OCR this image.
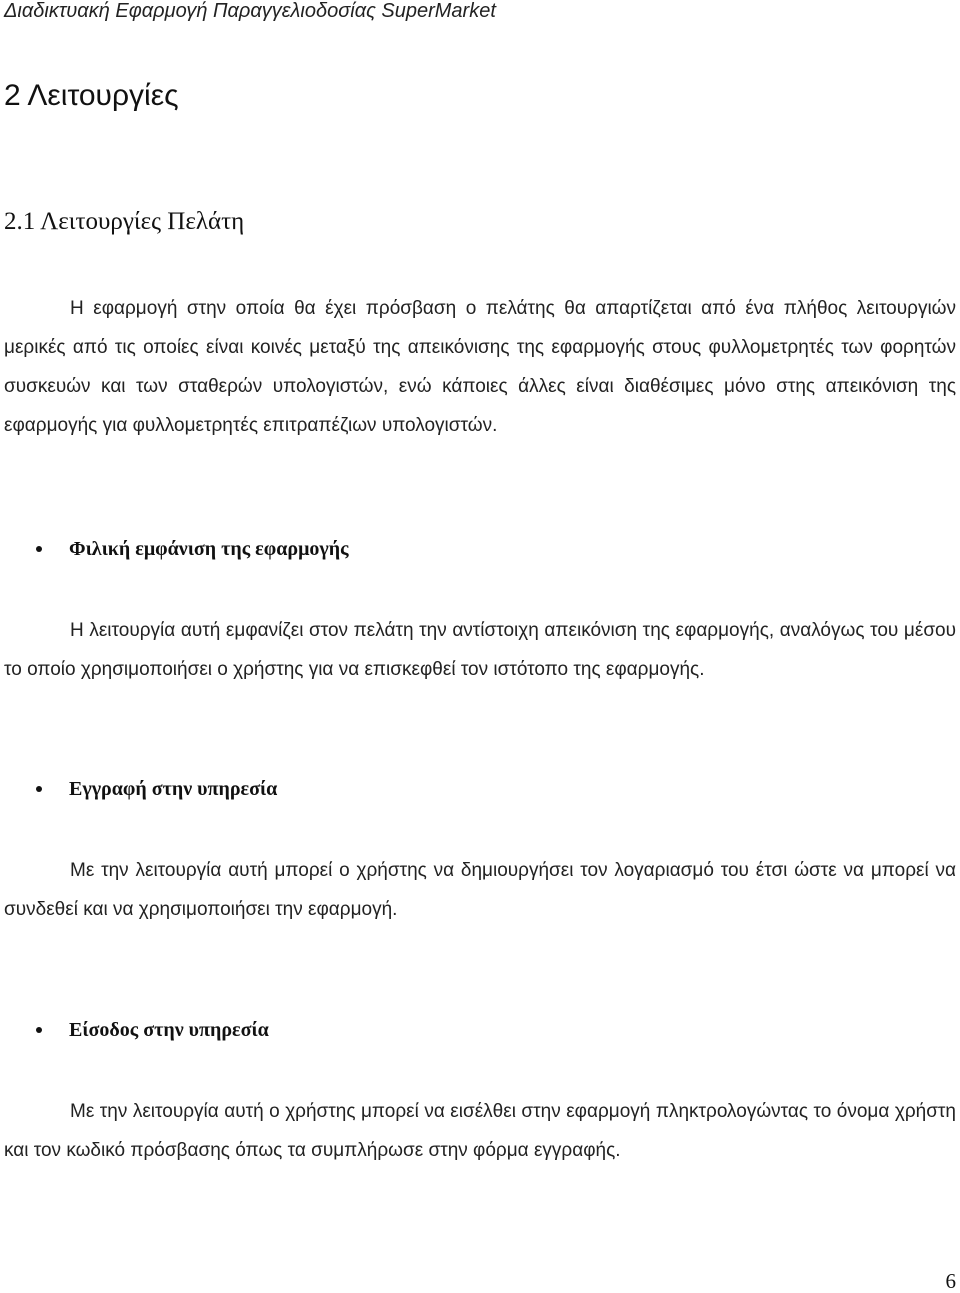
Διαδικτυακή Εφαρμογή Παραγγελιοδοσίας SuperMarket

2 Λειτουργίες
2.1 Λειτουργίες Πελάτη

Η εφαρμογή στην οποία θα έχει πρόσβαση ο πελάτης θα απαρτίζεται από ένα πλήθος λειτουργιών μερικές από τις οποίες είναι κοινές μεταξύ της απεικόνισης της εφαρμογής στους φυλλομετρητές των φορητών συσκευών και των σταθερών υπολογιστών, ενώ κάποιες άλλες είναι διαθέσιμες μόνο στης απεικόνιση της εφαρμογής για φυλλομετρητές επιτραπέζιων υπολογιστών.

Φιλική εμφάνιση της εφαρμογής

Η λειτουργία αυτή εμφανίζει στον πελάτη την αντίστοιχη απεικόνιση της εφαρμογής, αναλόγως του μέσου το οποίο χρησιμοποιήσει ο χρήστης για να επισκεφθεί τον ιστότοπο της εφαρμογής.

Εγγραφή στην υπηρεσία

Με την λειτουργία αυτή μπορεί ο χρήστης να δημιουργήσει τον λογαριασμό του έτσι ώστε να μπορεί να συνδεθεί και να χρησιμοποιήσει την εφαρμογή.

Είσοδος στην υπηρεσία

Με την λειτουργία αυτή ο χρήστης μπορεί να εισέλθει στην εφαρμογή πληκτρολογώντας το όνομα χρήστη και τον κωδικό πρόσβασης όπως τα συμπλήρωσε στην φόρμα εγγραφής.

6
